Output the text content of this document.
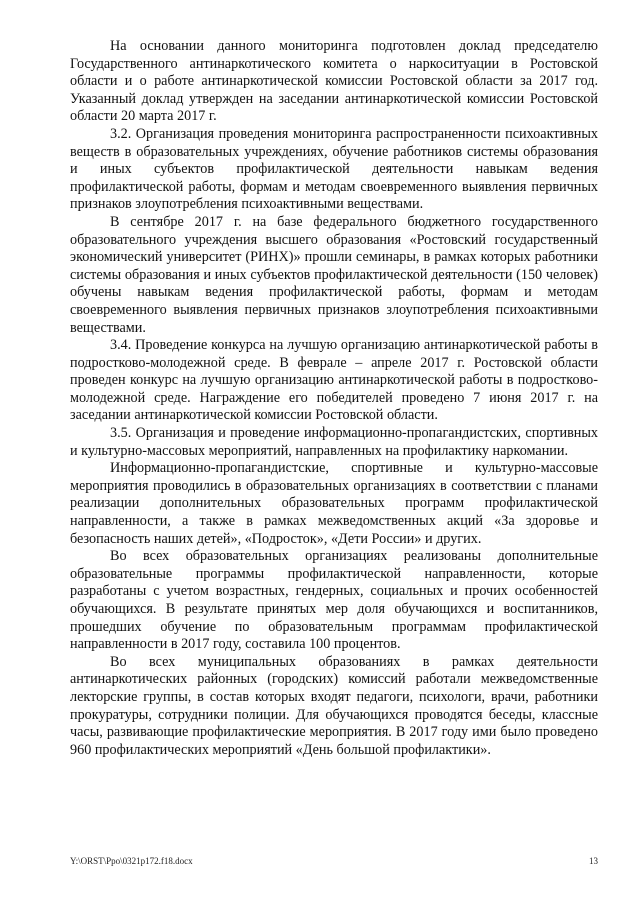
На основании данного мониторинга подготовлен доклад председателю Государственного антинаркотического комитета о наркоситуации в Ростовской области и о работе антинаркотической комиссии Ростовской области за 2017 год. Указанный доклад утвержден на заседании антинаркотической комиссии Ростовской области 20 марта 2017 г.

3.2. Организация проведения мониторинга распространенности психоактивных веществ в образовательных учреждениях, обучение работников системы образования и иных субъектов профилактической деятельности навыкам ведения профилактической работы, формам и методам своевременного выявления первичных признаков злоупотребления психоактивными веществами.

В сентябре 2017 г. на базе федерального бюджетного государственного образовательного учреждения высшего образования «Ростовский государственный экономический университет (РИНХ)» прошли семинары, в рамках которых работники системы образования и иных субъектов профилактической деятельности (150 человек) обучены навыкам ведения профилактической работы, формам и методам своевременного выявления первичных признаков злоупотребления психоактивными веществами.

3.4. Проведение конкурса на лучшую организацию антинаркотической работы в подростково-молодежной среде. В феврале – апреле 2017 г. Ростовской области проведен конкурс на лучшую организацию антинаркотической работы в подростково-молодежной среде. Награждение его победителей проведено 7 июня 2017 г. на заседании антинаркотической комиссии Ростовской области.

3.5. Организация и проведение информационно-пропагандистских, спортивных и культурно-массовых мероприятий, направленных на профилактику наркомании.

Информационно-пропагандистские, спортивные и культурно-массовые мероприятия проводились в образовательных организациях в соответствии с планами реализации дополнительных образовательных программ профилактической направленности, а также в рамках межведомственных акций «За здоровье и безопасность наших детей», «Подросток», «Дети России» и других.

Во всех образовательных организациях реализованы дополнительные образовательные программы профилактической направленности, которые разработаны с учетом возрастных, гендерных, социальных и прочих особенностей обучающихся. В результате принятых мер доля обучающихся и воспитанников, прошедших обучение по образовательным программам профилактической направленности в 2017 году, составила 100 процентов.

Во всех муниципальных образованиях в рамках деятельности антинаркотических районных (городских) комиссий работали межведомственные лекторские группы, в состав которых входят педагоги, психологи, врачи, работники прокуратуры, сотрудники полиции. Для обучающихся проводятся беседы, классные часы, развивающие профилактические мероприятия. В 2017 году ими было проведено 960 профилактических мероприятий «День большой профилактики».

Y:\ORST\Ppo\0321p172.f18.docx	13
